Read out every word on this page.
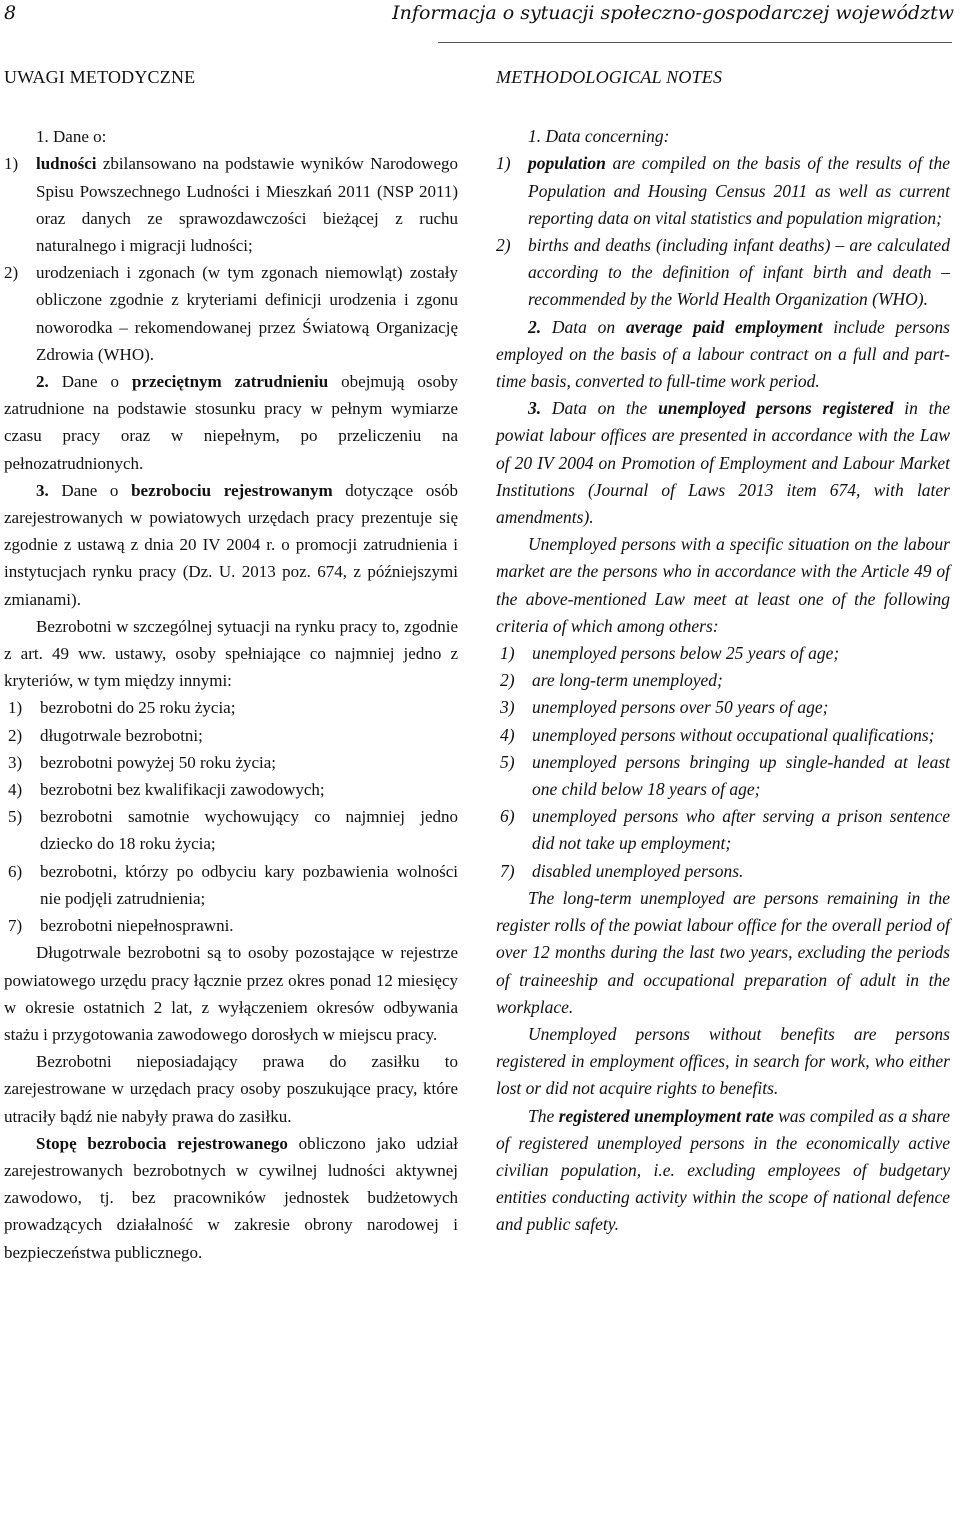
8	Informacja o sytuacji społeczno-gospodarczej województw
UWAGI METODYCZNE

1. Dane o:

1)	ludności zbilansowano na podstawie wyników Narodowego Spisu Powszechnego Ludności i Mieszkań 2011 (NSP 2011) oraz danych ze sprawozdawczości bieżącej z ruchu naturalnego i migracji ludności;
2)	urodzeniach i zgonach (w tym zgonach niemowląt) zostały obliczone zgodnie z kryteriami definicji urodzenia i zgonu noworodka – rekomendowanej przez Światową Organizację Zdrowia (WHO).

2. Dane o przeciętnym zatrudnieniu obejmują osoby zatrudnione na podstawie stosunku pracy w pełnym wymiarze czasu pracy oraz w niepełnym, po przeliczeniu na pełnozatrudnionych.

3. Dane o bezrobociu rejestrowanym dotyczące osób zarejestrowanych w powiatowych urzędach pracy prezentuje się zgodnie z ustawą z dnia 20 IV 2004 r. o promocji zatrudnienia i instytucjach rynku pracy (Dz. U. 2013 poz. 674, z późniejszymi zmianami).

Bezrobotni w szczególnej sytuacji na rynku pracy to, zgodnie z art. 49 ww. ustawy, osoby spełniające co najmniej jedno z kryteriów, w tym między innymi:

1)	bezrobotni do 25 roku życia;
2)	długotrwale bezrobotni;
3)	bezrobotni powyżej 50 roku życia;
4)	bezrobotni bez kwalifikacji zawodowych;
5)	bezrobotni samotnie wychowujący co najmniej jedno dziecko do 18 roku życia;
6)	bezrobotni, którzy po odbyciu kary pozbawienia wolności nie podjęli zatrudnienia;
7)	bezrobotni niepełnosprawni.

Długotrwale bezrobotni są to osoby pozostające w rejestrze powiatowego urzędu pracy łącznie przez okres ponad 12 miesięcy w okresie ostatnich 2 lat, z wyłączeniem okresów odbywania stażu i przygotowania zawodowego dorosłych w miejscu pracy.

Bezrobotni nieposiadający prawa do zasiłku to zarejestrowane w urzędach pracy osoby poszukujące pracy, które utraciły bądź nie nabyły prawa do zasiłku.

Stopę bezrobocia rejestrowanego obliczono jako udział zarejestrowanych bezrobotnych w cywilnej ludności aktywnej zawodowo, tj. bez pracowników jednostek budżetowych prowadzących działalność w zakresie obrony narodowej i bezpieczeństwa publicznego.

METHODOLOGICAL NOTES

1. Data concerning:

1) population are compiled on the basis of the results of the Population and Housing Census 2011 as well as current reporting data on vital statistics and population migration;
2) births and deaths (including infant deaths) – are calculated according to the definition of infant birth and death – recommended by the World Health Organization (WHO).

2. Data on average paid employment include persons employed on the basis of a labour contract on a full and part-time basis, converted to full-time work period.

3. Data on the unemployed persons registered in the powiat labour offices are presented in accordance with the Law of 20 IV 2004 on Promotion of Employment and Labour Market Institutions (Journal of Laws 2013 item 674, with later amendments).

Unemployed persons with a specific situation on the labour market are the persons who in accordance with the Article 49 of the above-mentioned Law meet at least one of the following criteria of which among others:

1) unemployed persons below 25 years of age;
2) are long-term unemployed;
3) unemployed persons over 50 years of age;
4) unemployed persons without occupational qualifications;
5) unemployed persons bringing up single-handed at least one child below 18 years of age;
6) unemployed persons who after serving a prison sentence did not take up employment;
7) disabled unemployed persons.

The long-term unemployed are persons remaining in the register rolls of the powiat labour office for the overall period of over 12 months during the last two years, excluding the periods of traineeship and occupational preparation of adult in the workplace.

Unemployed persons without benefits are persons registered in employment offices, in search for work, who either lost or did not acquire rights to benefits.

The registered unemployment rate was compiled as a share of registered unemployed persons in the economically active civilian population, i.e. excluding employees of budgetary entities conducting activity within the scope of national defence and public safety.
